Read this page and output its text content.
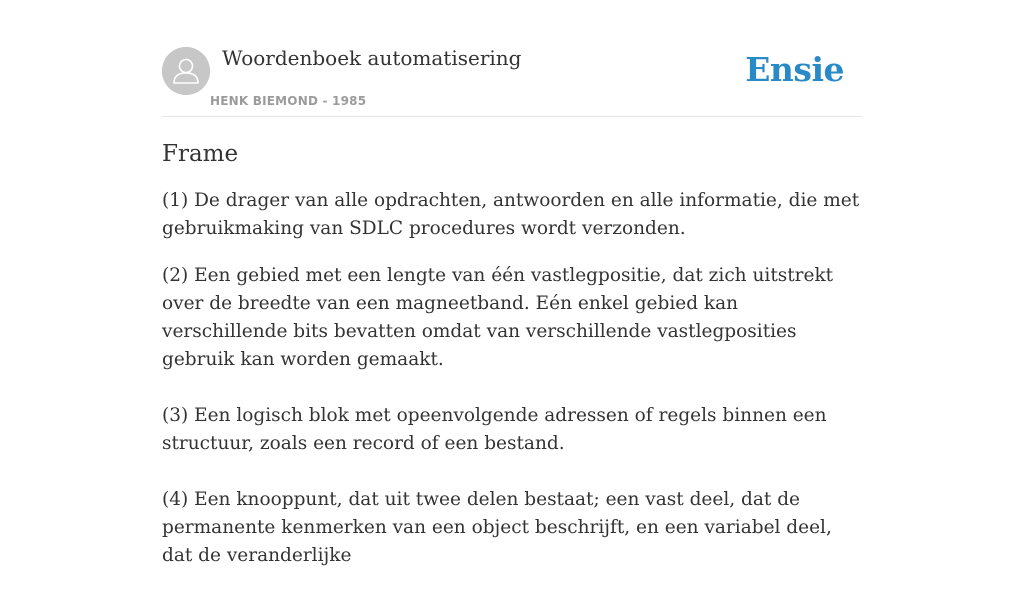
Woordenboek automatisering
HENK BIEMOND - 1985
Ensie
Frame

(1) De drager van alle opdrachten, antwoorden en alle informatie, die met gebruikmaking van SDLC procedures wordt verzonden.

(2) Een gebied met een lengte van één vastlegpositie, dat zich uitstrekt over de breedte van een magneetband. Eén enkel gebied kan verschillende bits bevatten omdat van verschillende vastlegposities gebruik kan worden gemaakt.

(3) Een logisch blok met opeenvolgende adressen of regels binnen een structuur, zoals een record of een bestand.

(4) Een knooppunt, dat uit twee delen bestaat; een vast deel, dat de permanente kenmerken van een object beschrijft, en een variabel deel, dat de veranderlijke
